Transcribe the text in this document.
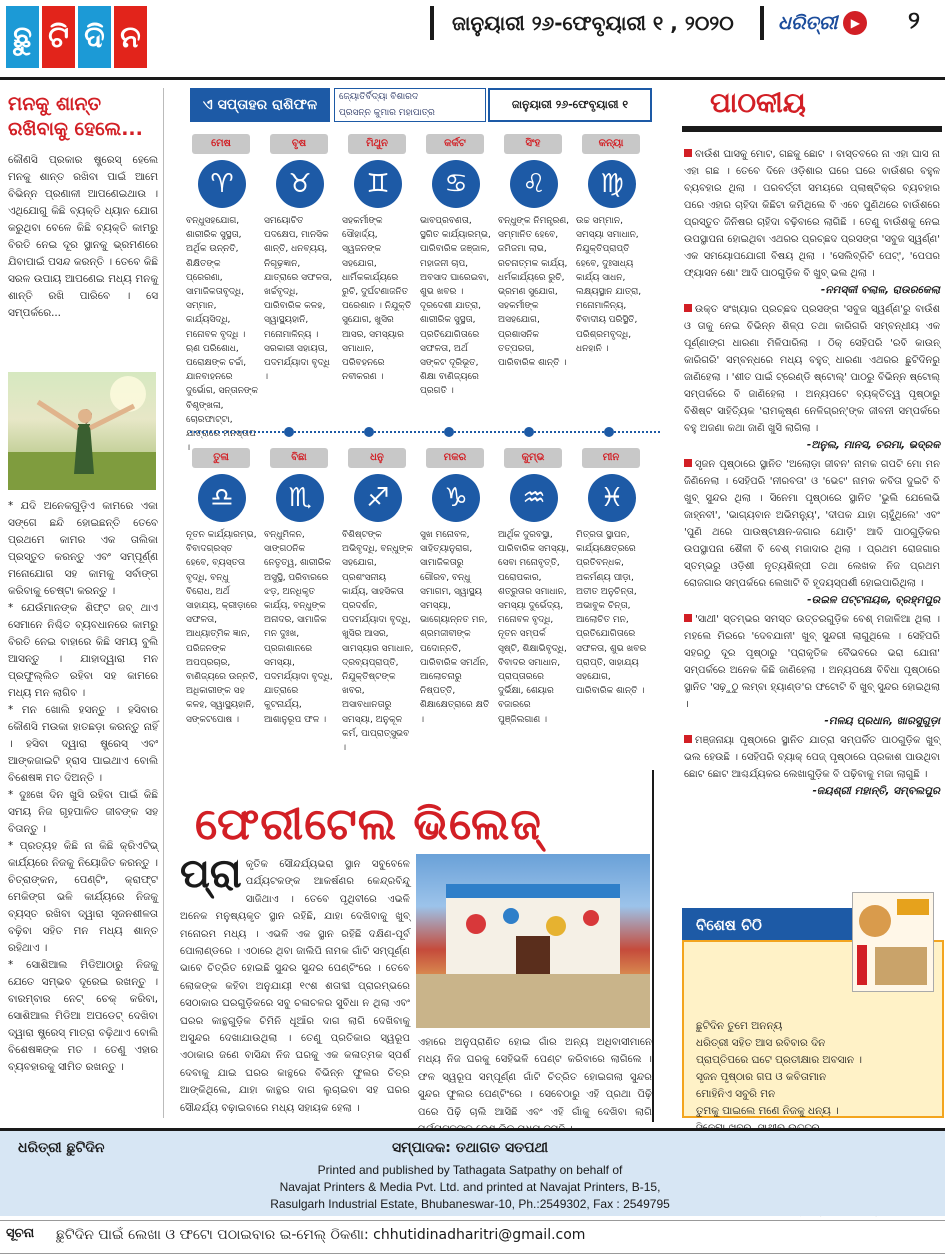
ଛୁ ଟି ଦି ନ	ଜାନୁୟାରୀ ୨୬-ଫେବୃୟାରୀ ୧ , ୨୦୨୦ ଧରିତ୍ରୀ	▶	୨
ମନକୁ ଶାନ୍ତ ରଖିବାକୁ ହେଲେ...
କୌଣସି ପ୍ରକାର ଷ୍ଟ୍ରେସ୍ ହେଲେ ମନକୁ ଶାନ୍ତ ରଖିବା ପାଇଁ ଆମେ ବିଭିନ୍ନ ପ୍ରଣାଳୀ ଆପଣେଇଥାଉ । ଏଥିଯୋଗୁ କିଛି ବ୍ୟକ୍ତି ଧ୍ୟାନ ଯୋଗ କରୁଥିବା ବେଳେ କିଛି ବ୍ୟକ୍ତି କାମରୁ ବିରତି ନେଇ ଦୂର ସ୍ଥାନକୁ ଭ୍ରମଣରେ ଯିବାପାଇଁ ପସନ୍ଦ କରନ୍ତି । ତେବେ କିଛି ସରଳ ଉପାୟ ଆପଣେଇ ମଧ୍ୟ ମନକୁ ଶାନ୍ତି ରଖି ପାରିବେ । ସେ ସମ୍ପର୍କରେ...
* ଯଦି ଅନେକଗୁଡ଼ିଏ କାମରେ ଏକା ସଙ୍ଗେ ଛନ୍ଦି ହୋଇଛନ୍ତି ତେବେ ପ୍ରଥମେ କାମର ଏକ ତାଲିକା ପ୍ରସ୍ତୁତ କରନ୍ତୁ ଏବଂ ସମ୍ପୂର୍ଣ୍ଣ ମନୋଯୋଗ ସହ କାମକୁ ସର୍ବାଙ୍ଗ କରିବାକୁ ଚେଷ୍ଟା କରନ୍ତୁ ।
* ଯେଉଁମାନଙ୍କ ଶିଫ୍ଟ ଜବ୍ ଥାଏ ସେମାନେ ନିଶ୍ଚିତ ବ୍ୟବଧାନରେ କାମରୁ ବିରତି ନେଇ ବାହାରେ କିଛି ସମୟ ବୁଲି ଆସନ୍ତୁ । ଯାହାଦ୍ୱାରା ମନ ପ୍ରଫୁଲ୍ଲିତ ରହିବା ସହ କାମରେ ମଧ୍ୟ ମନ ଲାଗିବ ।
* ମନ ଖୋଲି ହସନ୍ତୁ । ହସିବାର କୌଣସି ମଉକା ହାତଛଡ଼ା କରନ୍ତୁ ନାହିଁ । ହସିବା ଦ୍ୱାରା ଷ୍ଟ୍ରେସ୍ ଏବଂ ଆଙ୍କଜାଇଟି ହ୍ରାସ ପାଇଥାଏ ବୋଲି ବିଶେଷଜ୍ଞ ମତ ଦିଅନ୍ତି ।
* ଦୁଃଖେ ଦିନ ଖୁସି ରହିବା ପାଇଁ କିଛି ସମୟ ନିଜ ଗୃହପାଳିତ ଜୀବଙ୍କ ସହ ବିତାନ୍ତୁ ।
* ପ୍ରତ୍ୟହ କିଛି ନା କିଛି କ୍ରିଏଟିଭ୍ କାର୍ଯ୍ୟରେ ନିଜକୁ ନିୟୋଜିତ କରନ୍ତୁ । ଚିତ୍ରାଙ୍କନ, ପେଣ୍ଟିଂ, କ୍ରାଫ୍ଟ ମେକିଙ୍ଗ ଭଳି କାର୍ଯ୍ୟରେ ନିଜକୁ ବ୍ୟସ୍ତ ରଖିବା ଦ୍ୱାରା ସୃଜନଶୀଳତା ବଢ଼ିବା ସହିତ ମନ ମଧ୍ୟ ଶାନ୍ତ ରହିଥାଏ ।
* ସୋଶିଆଲ ମିଡିଆଠାରୁ ନିଜକୁ ଯେତେ ସମ୍ଭବ ଦୂରେଇ ରଖନ୍ତୁ । ବାରମ୍ବାର ନେଟ୍ ଚେକ୍ କରିବା, ସୋଶିଆଲ ମିଡିଆ ଅପଡେଟ୍ ଦେଖିବା ଦ୍ୱାରା ଷ୍ଟ୍ରେସ୍ ମାତ୍ରା ବଢ଼ିଥାଏ ବୋଲି ବିଶେଷଜ୍ଞଙ୍କ ମତ । ତେଣୁ ଏହାର ବ୍ୟବହାରକୁ ସୀମିତ ରଖନ୍ତୁ ।
ଏ ସପ୍ତାହର ରାଶିଫଳ	ଜ୍ୟୋତିର୍ବିଦ୍ୟା ବିଶାରଦ
ପ୍ରସନ୍ନ କୁମାର ମହାପାତ୍ର
ଜାନୁୟାରୀ ୨୬-ଫେବୃୟାରୀ ୧
ମେଷ
♈
ବନ୍ଧୁସହଯୋଗ, ଶାରୀରିକ ସୁସ୍ଥତା, ଅର୍ଥିକ ଉନ୍ନତି, ଶିକ୍ଷିତଙ୍କ ପ୍ରେରଣା, ସାମାଜିକତାବୃଦ୍ଧି, ସମ୍ମାନ, କାର୍ଯ୍ୟସିଦ୍ଧି, ମନୋବଳ ବୃଦ୍ଧି । ଋଣ ପରିଶୋଧ, ପରୋକ୍ଷଙ୍କ ଚର୍ଚ୍ଚା, ଯାନବାହନରେ ଦୁର୍ଭୋଗ, ସନ୍ତାନଙ୍କ ବିଶୃଙ୍ଖଳା, ଚୋରଫାଟ୍ଟା, ଯାତ୍ରାରେ ମନସ୍ତାପ ।
ବୃଷ
♉
ସମୟୋଚିତ ପଦକ୍ଷେପ, ମାନସିକ ଶାନ୍ତି, ଧନବ୍ୟୟ, ନିଗୂଢ଼ଜ୍ଞାନ, ଯାତ୍ରାରେ ସଫଳତା, ଖର୍ଚ୍ଚବୃଦ୍ଧି, ପାରିବାରିକ କଳହ, ସ୍ୱାସ୍ଥ୍ୟହାନି, ମନୋମାଳିନ୍ୟ । ସରକାରୀ ସହାୟତା, ପଦମର୍ଯ୍ୟାଦା ବୃଦ୍ଧି ।
ମିଥୁନ
♊
ସହକର୍ମୀଙ୍କ ସୌହାର୍ଦ୍ଦ୍ୟ, ସ୍ୱଜନଙ୍କ ସହଯୋଗ, ଧାର୍ମିକକାର୍ଯ୍ୟରେ ରୁଚି, ଦୁର୍ଘଟଣାଜନିତ ପରେଶାନ । ନିଯୁକ୍ତି ସୁଯୋଗ, ଖୁସିର ଆସର, ସମସ୍ୟାର ସମାଧାନ, ପରିବହନରେ ନବୀକରଣ ।
କର୍କଟ
♋
ଭାବପ୍ରବଣତା, ସ୍ଥଗିତ କାର୍ଯ୍ୟାରମ୍ଭ, ପାରିବାରିକ ଜଞ୍ଜାଳ, ମହାଜନୀ ଚାପ, ଅବସାଦ ଘାରେଇବା, ଶୁଭ ଖବର । ଦୂରଦେଶୀ ଯାତ୍ରା, ଶାରୀରିକ ସୁସ୍ଥତା, ପ୍ରତିଯୋଗିତାରେ ସଫଳତା, ଅର୍ଥ ସଙ୍କଟ ଦୂରିଭୂତ, ଶିକ୍ଷା ବାଣିଜ୍ୟରେ ପ୍ରଗତି ।
ସିଂହ
♌
ବନ୍ଧୁଙ୍କ ନିମନ୍ତ୍ରଣ, ସମ୍ମାନିତ ହେବେ, ଜମିଜମା ଲାଭ, ରଚନାତ୍ମକ କାର୍ଯ୍ୟ, ଧର୍ମକାର୍ଯ୍ୟରେ ରୁଚି, ଭ୍ରମଣ ସୁଯୋଗ, ସହକର୍ମୀଙ୍କ ଅସହଯୋଗ, ପ୍ରଶାସନିକ ତତ୍ପରତା, ପାରିବାରିକ ଶାନ୍ତି ।
କନ୍ୟା
♍
ଉଚ୍ଚ ସମ୍ମାନ, ସମସ୍ୟା ସମାଧାନ, ନିଯୁକ୍ତିପ୍ରାପ୍ତି ହେବେ, ଦୁଃସାଧ୍ୟ କାର୍ଯ୍ୟ ସାଧନ, ଲକ୍ଷ୍ୟସ୍ଥାନ ଯାତ୍ରା, ମନୋମାଳିନ୍ୟ, ବିବାଦୀୟ ପରିସ୍ଥିତି, ପରିଶ୍ରମବୃଦ୍ଧି, ଧନହାନି ।
ତୁଳା
♎
ନୂତନ କାର୍ଯ୍ୟାରମ୍ଭ, ବିବାଦଗ୍ରସ୍ତ ହେବେ, ବ୍ୟସ୍ତତା ବୃଦ୍ଧି, ବନ୍ଧୁ ବିରୋଧ, ଅର୍ଥ ସାହାଯ୍ୟ, କ୍ରୀଡ଼ାରେ ସଫଳତା, ଆଧ୍ୟାତ୍ମିକ ଜ୍ଞାନ, ପରିଜନଙ୍କ ଅପପ୍ରଚାର, ବାଣିଜ୍ୟରେ ଉନ୍ନତି, ଅଧିକାରୀଙ୍କ ସହ କଳହ, ସ୍ୱାସ୍ଥ୍ୟହାନି, ସଙ୍କଟପୋଷ ।
ବିଛା
♏
ବନ୍ଧୁମିଳନ, ସାଙ୍ଗଠନିକ ନେତୃତ୍ୱ, ଶାରୀରିକ ଅସୁସ୍ଥି, ପରିବାରରେ ଝଡ଼, ଅନଧିକୃତ କାର୍ଯ୍ୟ, ବନ୍ଧୁଙ୍କ ଅନାଦର, ସାମାଜିକ ମନ ଦୁଃଖ, ପ୍ରଜାଶାନରେ ସମସ୍ୟା, ପଦମର୍ଯ୍ୟାଦା ବୃଦ୍ଧି, ଯାତ୍ରାରେ କୁଟନାର୍ଯ୍ୟ, ଆଶାନୁରୂପ ଫଳ ।
ଧନୁ
♐
ବିଶିଷ୍ଟଙ୍କ ଅଭିବୃଦ୍ଧି, ବନ୍ଧୁଙ୍କ ସହଯୋଗ, ପ୍ରଶଂସନୀୟ କାର୍ଯ୍ୟ, ସାହସିକତା ପ୍ରଦର୍ଶନ, ପଦମର୍ଯ୍ୟାଦା ବୃଦ୍ଧି, ଖୁସିର ଆସର, ସାମସ୍ୟାର ସମାଧାନ, ଦ୍ରବ୍ୟପ୍ରାପ୍ତି, ନିଯୁକ୍ତିଷ୍ଟଙ୍କ ଖବର, ଅସାବଧାନତାରୁ ସମସ୍ୟା, ଅନୁକୂଳ କର୍ମ, ପାପ୍ରାତ୍ସୁଭବ ।
ମକର
♑
ସୁଖ ମନୋବଳ, ସାହିତ୍ୟାନୁରାଗ, ସାମାଜିକତାରୁ ଗୌରବ, ବନ୍ଧୁ ସମାଗମ, ସ୍ୱାସ୍ଥ୍ୟ ସମସ୍ୟା, ଭାଗ୍ୟୋନ୍ନତ ମନ, ଶ୍ରମଜୀବୀଙ୍କ ପଦୋନ୍ନତି, ପାରିବାରିକ ସମର୍ଥନ, ଆଲୋଚନାରୁ ନିଷ୍ପତ୍ତି, ଶିକ୍ଷାକ୍ଷେତ୍ରାରେ କ୍ଷତି ।
କୁମ୍ଭ
♒
ଆର୍ଥିକ ଦୁରବସ୍ଥା, ପାରିବାରିକ ସମସ୍ୟା, ସେବା ମନୋବୃତ୍ତି, ପରୋପକାର, ଶତ୍ରୁତାର ସମାଧାନ, ସମସ୍ୟା ଦୁର୍ଭେଦ୍ୟ, ମନୋବଳ ବୃଦ୍ଧି, ନୂତନ ସମ୍ପର୍କ ସୃଷ୍ଟି, ଶିକ୍ଷାଭିବୃଦ୍ଧି, ବିବାଦର ସମାଧାନ, ପ୍ରାପ୍ତାରରେ ଦୁର୍ଭିକ୍ଷା, ଶେୟାର ବଜାରରେ ପୁଞ୍ଜିଲଗାଣ ।
ମୀନ
♓
ମିତ୍ରତା ସ୍ଥାପନ, କାର୍ଯ୍ୟକ୍ଷେତ୍ରରେ ପ୍ରତିବନ୍ଧକ, ଅକର୍ମଣ୍ୟ ପୀଡ଼ା, ଅତୀତ ଅନୁଚିନ୍ତା, ଅଭାବୁକ ଚିନ୍ତା, ଆଲୋଚିତ ମନ, ପ୍ରତିଯୋଗିତାରେ ସଫଳତା, ଶୁଭ ଖବର ପ୍ରାପ୍ତି, ସାହାଯ୍ୟ ସହଯୋଗ, ପାରିବାରିକ ଶାନ୍ତି ।
ଫେରୀଟେଲ ଭିଲେଜ୍
ପ୍ରା କୃତିକ ସୌନ୍ଦର୍ଯ୍ୟଭରା ସ୍ଥାନ ସବୁବେଳେ ପର୍ଯ୍ୟଟକଙ୍କ ଆକର୍ଷଣର କେନ୍ଦ୍ରବିନ୍ଦୁ ସାଜିଥାଏ । ତେବେ ପୃଥିବୀରେ ଏଭଳି ଅନେକ ମନୁଷ୍ୟକୃତ ସ୍ଥାନ ରହିଛି, ଯାହା ଦେଖିବାକୁ ଖୁବ୍ ମନୋରମ ମଧ୍ୟ । ଏଭଳି ଏକ ସ୍ଥାନ ରହିଛି ଦକ୍ଷିଣ-ପୂର୍ବ ପୋଲାଣ୍ଡରେ । ଏଠାରେ ଥିବା ଜାଲିପି ନାମକ ଗାଁଟି ସମ୍ପୂର୍ଣ୍ଣ ଭାବେ ଚିତ୍ରିତ ହୋଇଛି ସୁନ୍ଦର ସୁନ୍ଦର ପେଣ୍ଟିଂରେ । ତେବେ ଲୋକଙ୍କ କହିବା ଅନୁଯାୟୀ ୧୯ଶ ଶତାବ୍ଦୀ ପ୍ରାରମ୍ଭରେ ସେଠାକାର ଘରଗୁଡ଼ିକରେ ସବୁ ଚଳାଚଳର ସୁବିଧା ନ ଥିଲା ଏବଂ ଘରର କାନ୍ଥଗୁଡ଼ିକ ଚିମିନି ଧୂଆଁର ଦାଗ ଲାଗି ଦେଖିବାକୁ ଅସୁନ୍ଦର ଦେଖାଯାଉଥିଲା । ତେଣୁ ପ୍ରତିକାର ସ୍ୱରୂପ ଏଠାକାର ଜଣେ ବାସିନ୍ଦା ନିଜ ଘରକୁ ଏକ କଳାତ୍ମକ ସ୍ପର୍ଶ ଦେବାକୁ ଯାଇ ଘରର କାନ୍ଥରେ ବିଭିନ୍ନ ଫୁଲର ଚିତ୍ର ଆଙ୍କିଥିଲେ, ଯାହା କାନ୍ଥର ଦାଗ ଲୁଚାଇବା ସହ ଘରର ସୌନ୍ଦର୍ଯ୍ୟ ବଢ଼ାଇବାରେ ମଧ୍ୟ ସହାୟକ ହେଲା ।
ଏହାରେ ଅନୁପ୍ରାଣିତ ହୋଇ ଗାଁର ଅନ୍ୟ ଅଧିବାସୀମାନେ ମଧ୍ୟ ନିଜ ଘରକୁ ସେହିଭଳି ପେଣ୍ଟ କରିବାରେ ଲାଗିଲେ । ଫଳ ସ୍ୱରୂପ ସମ୍ପୂର୍ଣ୍ଣ ଗାଁଟି ଚିତ୍ରିତ ହୋଇଗଲା ସୁନ୍ଦର ସୁନ୍ଦର ଫୁଲର ପେଣ୍ଟିଂରେ । ସେବେଠାରୁ ଏହି ପ୍ରଥା ପିଢ଼ି ପରେ ପିଢ଼ି ଚାଲି ଆସିଛି ଏବଂ ଏହି ଗାଁକୁ ଦେଖିବା ଲାଗି
ପାଠକୀୟ
ବାଉଁଶ ଘାସକୁ ମୋଟ, ଗଛକୁ ଛୋଟ । ବାସ୍ତବରେ ନା ଏହା ଘାସ ନା ଏହା ଗଛ । ତେବେ ଦିନେ ଓଡ଼ିଶାର ଘରେ ଘରେ ବାଉଁଶର ବହୁଳ ବ୍ୟବହାର ଥିଲା । ପରବର୍ତ୍ତୀ ସମୟରେ ପ୍ଲାଷ୍ଟିକ୍ର ବ୍ୟବହାର ପରେ ଏହାର ଚାହିଦା କିଛିଟା କମିଥିଲେ ବି ଏବେ ପୁଣିଥରେ ବାଉଁଶରେ ପ୍ରସ୍ତୁତ ଜିନିଷର ଚାହିଦା ବଢ଼ିବାରେ ଲାଗିଛି । ତେଣୁ ବାଉଁଶକୁ ନେଇ ଉପସ୍ଥାପନା ହୋଇଥିବା ଏଥରର ପ୍ରଚ୍ଛଦ ପ୍ରସଙ୍ଗ 'ସବୁଜ ସ୍ୱର୍ଣ୍ଣ' ଏକ ସମୟୋପଯୋଗୀ ବିଷୟ ଥିଲା । 'ସେଲିବ୍ରିଟି ପେଟ୍', 'ପେପର ଫ୍ୟାସନ ଶୋ' ଆଦି ପାଠଗୁଡ଼ିକ ବି ଖୁବ୍ ଭଲ ଥିଲା ।
-ନମସ୍କୀ ବଲାଳ, ରାଉରକେଲା
ଉକ୍ତ ସଂଖ୍ୟାର ପ୍ରଚ୍ଛଦ ପ୍ରସଙ୍ଗ 'ସବୁଜ ସ୍ୱର୍ଣ୍ଣ'ରୁ ବାଉଁଶ ଓ ତାକୁ ନେଇ ବିଭିନ୍ନ ଶିଳ୍ପ ତଥା କାରିଗରି ସମ୍ବନ୍ଧୀୟ ଏକ ପୂର୍ଣ୍ଣାଙ୍ଗ ଧାରଣା ମିଳିପାରିଲା । ଠିକ୍ ସେହିପରି 'ରବି କାଉନ୍ କାରିଗରି' ସମ୍ବନ୍ଧରେ ମଧ୍ୟ ବହୁତ୍ ଧାରଣା ଏଥରର ଛୁଟିଦିନରୁ ଜାଣିହେଲା । 'ଶୀତ ପାଇଁ ଟ୍ରେଣ୍ଡି ଷ୍ଟୋଲ୍' ପାଠରୁ ବିଭିନ୍ନ ଷ୍ଟୋଲ୍ ସମ୍ପର୍କରେ ବି ଜାଣିହେଲା । ଅନ୍ୟପଟେ ବ୍ୟକ୍ତିତ୍ୱ ପୃଷ୍ଠାରୁ ବିଶିଷ୍ଟ ସାହିତ୍ୟିକ 'ରାମକୃଷ୍ଣ ନେଳିଗ୍ରନ୍'ଙ୍କ ଜୀବନୀ ସମ୍ପର୍କରେ ବହୁ ଅଜଣା କଥା ଜାଣି ଖୁସି ଲାଗିଲା ।
-ଅନୁଲ, ମାନସ, ଚରମା, ଭଦ୍ରକ
ସୃଜନ ପୃଷ୍ଠାରେ ସ୍ଥାନିତ 'ଅଲୋଡ଼ା ଜୀବନ' ନାମକ ଗପଟି ମୋ ମନ ଜିଣିନେଲା । ସେହିପରି 'ନୀରବତା' ଓ 'ଭେଟ' ନାମକ କବିତା ଦୁଇଟି ବି ଖୁବ୍ ସୁନ୍ଦର ଥିଲା । ସିନେମା ପୃଷ୍ଠାରେ ସ୍ଥାନିତ 'ଭୁଲି ଯେଲେଭି ଜାହ୍ନବୀ', 'ଭାଗ୍ୟବାନ ଅଭିମନ୍ୟୁ', 'ଦୀପକ ଯାହା ଚାହୁଁଥିଲେ' ଏବଂ 'ପୁଣି ଥରେ ପାଉଷ୍ଟାକ୍ଷନ-ଜଗାର ଯୋଡ଼ି' ଆଦି ପାଠଗୁଡ଼ିକର ଉପସ୍ଥାପନା ଶୈଳୀ ବି ବେଶ୍ ମଜାଦାର ଥିଲା । ପ୍ରଥମ ରୋଜଗାର ସ୍ତମ୍ଭରୁ ଓଡ଼ିଶୀ ନୃତ୍ୟଶିଳ୍ପୀ ତଥା ଲେଖକ ନିଜ ପ୍ରଥମ ରୋଜଗାର ସମ୍ପର୍କରେ ଲେଖାଟି ବି ହୃଦୟସ୍ପର୍ଶୀ ହୋଇପାରିଥିଲା ।
-ଉଇଳ ପଟ୍ଟନାୟକ, ବ୍ରହ୍ମପୁର
'ସାଥୀ' ସ୍ତମ୍ଭର ସମସ୍ତ ଉତ୍ତରଗୁଡ଼ିକ ବେଶ୍ ମଜାଳିଆ ଥିଲା । ମହଲେ ମିରରେ 'ଦେବଯାନୀ' ଖୁବ୍ ସୁନ୍ଦରୀ ଲାଗୁଥିଲେ । ସେହିପରି ସହରଠୁ ଦୂର ପୃଷ୍ଠାରୁ 'ପ୍ରାକୃତିକ ବୈଭବରେ ଭରା ଯୋନା' ସମ୍ପର୍କରେ ଅନେକ କିଛି ଜାଣିହେଲା । ଅନ୍ୟପକ୍ଷେ ବିବିଧା ପୃଷ୍ଠାରେ ସ୍ଥାନିତ 'ସଢ଼ୁଠୁ ଲମ୍ବା ହ୍ୟାଣ୍ଡ'ର ଫଟୋଟି ବି ଖୁବ୍ ସୁନ୍ଦର ହୋଇଥିଲା ।
-ମଳୟ ପ୍ରଧାନ, ଖାରସୁଗୁଡ଼ା
ମଞ୍ଜନାୟା ପୃଷ୍ଠାରେ ସ୍ଥାନିତ ଯାତ୍ରା ସମ୍ପର୍କିତ ପାଠଗୁଡ଼ିକ ଖୁବ୍ ଭଲ ହେଉଛି । ସେହିପରି ବ୍ୟାକ୍ ପେଜ୍ ପୃଷ୍ଠାରେ ପ୍ରକାଶ ପାଉଥିବା ଛୋଟ ଛୋଟ ଆଶ୍ଚର୍ଯ୍ୟକର ଲେଖାଗୁଡ଼ିକ ବି ପଢ଼ିବାକୁ ମଜା ଲାଗୁଛି ।
-ଜୟଶ୍ରୀ ମହାନ୍ତି, ସମ୍ବଲପୁର
ବିଶେଷ ଚିଠି
ଛୁଟିଦିନ ତୁମେ ଅନନ୍ୟ
ଧରିତ୍ରୀ ସହିତ ଆସ ରବିବାର ଦିନ
ପ୍ରାପ୍ତିପରେ ଘଟେ ପ୍ରତୀକ୍ଷାର ଅବସାନ ।
ସୃଜନ ପୃଷ୍ଠାର ଗପ ଓ କବିତାମାନ
ମୋହିନିଏ ସବୁରି ମନ
ତୁମକୁ ପାଇଲେ ମଣେ ନିଜକୁ ଧନ୍ୟ ।
ଧରିତ୍ରୀ ଛୁଟିଦିନ	ସମ୍ପାଦକ: ତଥାଗତ ସତପଥୀ
Printed and published by Tathagata Satpathy on behalf of
Navajat Printers & Media Pvt. Ltd. and printed at Navajat Printers, B-15,
Rasulgarh Industrial Estate, Bhubaneswar-10, Ph.:2549302, Fax : 2549795
ସୂଚନା ଛୁଟିଦିନ ପାଇଁ ଲେଖା ଓ ଫଟୋ ପଠାଇବାର ଇ-ମେଲ୍ ଠିକଣା: chhutidinadharitri@gmail.com
